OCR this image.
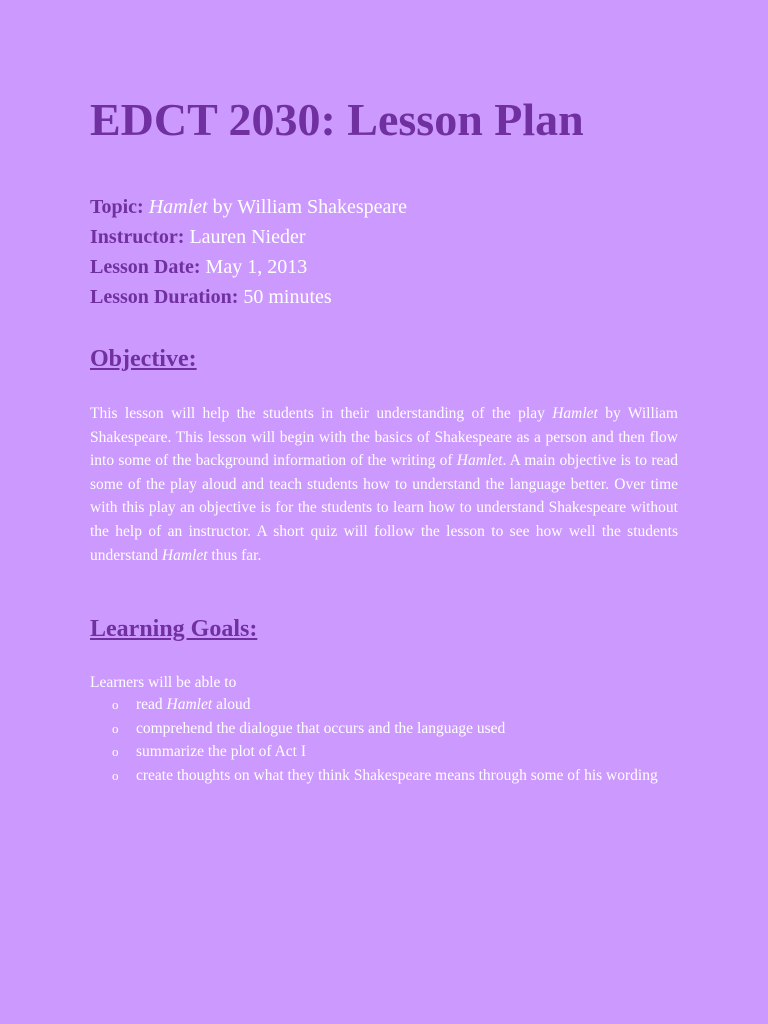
EDCT 2030: Lesson Plan
Topic: Hamlet by William Shakespeare
Instructor: Lauren Nieder
Lesson Date: May 1, 2013
Lesson Duration: 50 minutes
Objective:

This lesson will help the students in their understanding of the play Hamlet by William Shakespeare. This lesson will begin with the basics of Shakespeare as a person and then flow into some of the background information of the writing of Hamlet. A main objective is to read some of the play aloud and teach students how to understand the language better. Over time with this play an objective is for the students to learn how to understand Shakespeare without the help of an instructor. A short quiz will follow the lesson to see how well the students understand Hamlet thus far.

Learning Goals:
Learners will be able to
o read Hamlet aloud
o comprehend the dialogue that occurs and the language used
o summarize the plot of Act I
o create thoughts on what they think Shakespeare means through some of his wording
